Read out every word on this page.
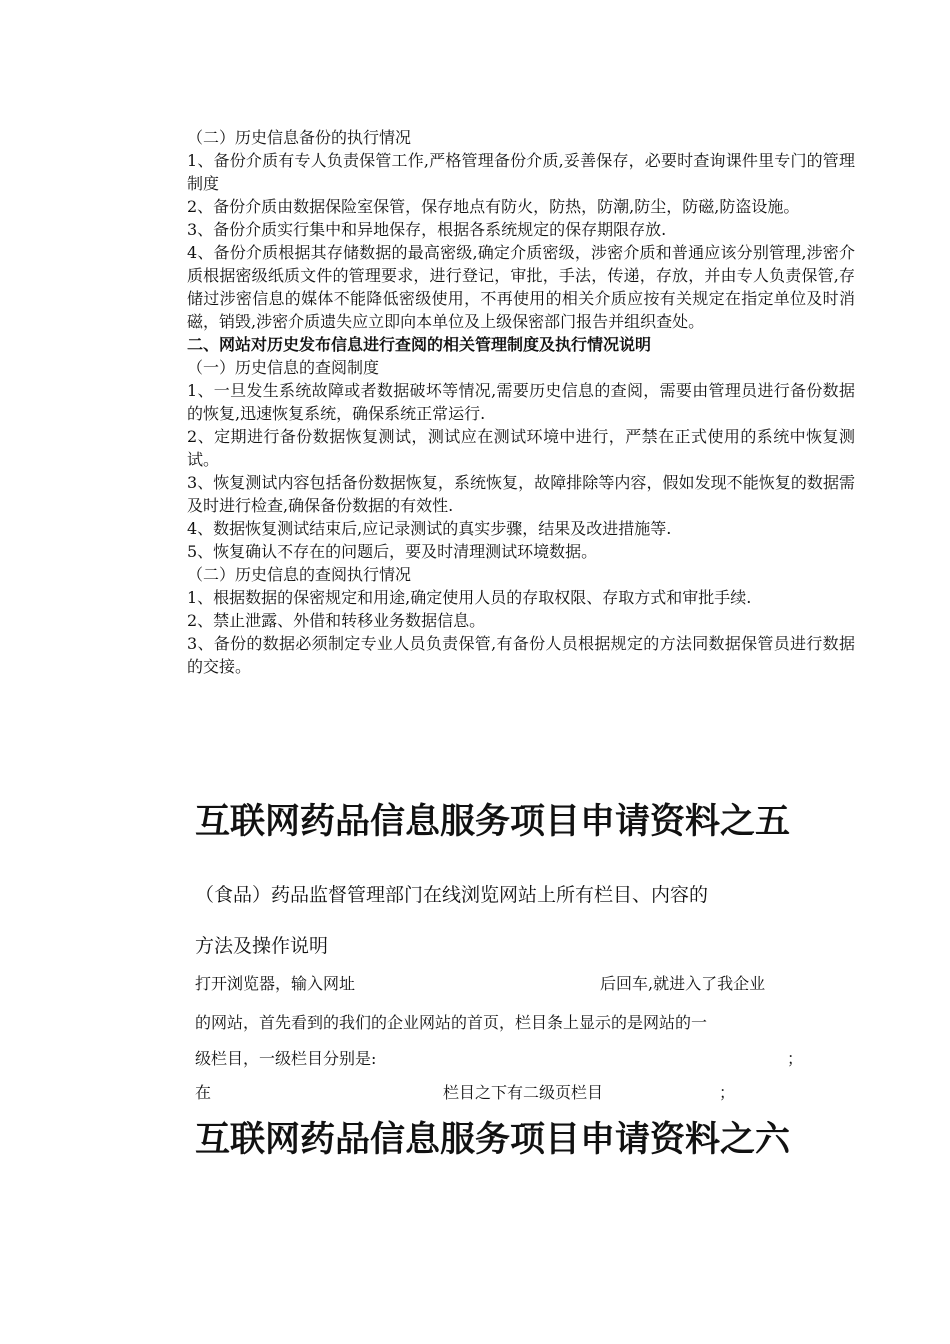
（二）历史信息备份的执行情况

1、备份介质有专人负责保管工作,严格管理备份介质,妥善保存，必要时查询课件里专门的管理制度

2、备份介质由数据保险室保管，保存地点有防火，防热，防潮,防尘，防磁,防盗设施。

3、备份介质实行集中和异地保存，根据各系统规定的保存期限存放.

4、备份介质根据其存储数据的最高密级,确定介质密级，涉密介质和普通应该分别管理,涉密介质根据密级纸质文件的管理要求，进行登记，审批，手法，传递，存放，并由专人负责保管,存储过涉密信息的媒体不能降低密级使用，不再使用的相关介质应按有关规定在指定单位及时消磁，销毁,涉密介质遗失应立即向本单位及上级保密部门报告并组织查处。

二、网站对历史发布信息进行查阅的相关管理制度及执行情况说明

（一）历史信息的查阅制度

1、一旦发生系统故障或者数据破坏等情况,需要历史信息的查阅，需要由管理员进行备份数据的恢复,迅速恢复系统，确保系统正常运行.

2、定期进行备份数据恢复测试，测试应在测试环境中进行，严禁在正式使用的系统中恢复测试。

3、恢复测试内容包括备份数据恢复，系统恢复，故障排除等内容，假如发现不能恢复的数据需及时进行检查,确保备份数据的有效性.

4、数据恢复测试结束后,应记录测试的真实步骤，结果及改进措施等.

5、恢复确认不存在的问题后，要及时清理测试环境数据。

（二）历史信息的查阅执行情况

1、根据数据的保密规定和用途,确定使用人员的存取权限、存取方式和审批手续.

2、禁止泄露、外借和转移业务数据信息。

3、备份的数据必须制定专业人员负责保管,有备份人员根据规定的方法同数据保管员进行数据的交接。

互联网药品信息服务项目申请资料之五
（食品）药品监督管理部门在线浏览网站上所有栏目、内容的
方法及操作说明
打开浏览器，输入网址	后回车,就进入了我企业
的网站，首先看到的我们的企业网站的首页，栏目条上显示的是网站的一
级栏目，一级栏目分别是:	；
在	栏目之下有二级页栏目	；
互联网药品信息服务项目申请资料之六
